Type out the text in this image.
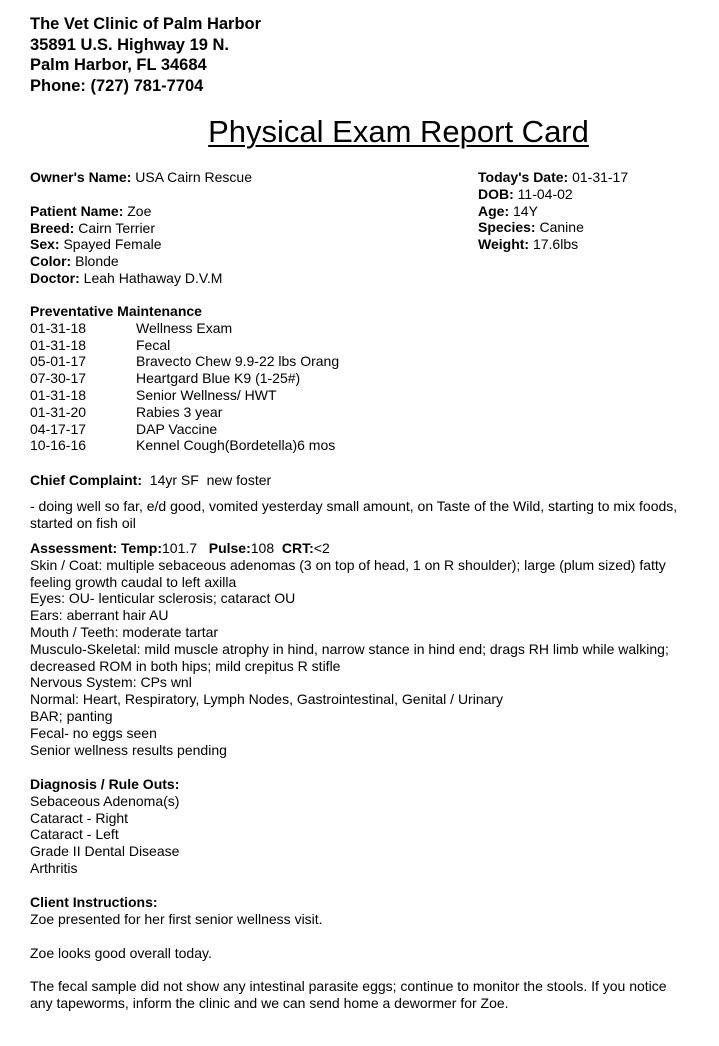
The Vet Clinic of Palm Harbor
35891 U.S. Highway 19 N.
Palm Harbor, FL 34684
Phone: (727) 781-7704
Physical Exam Report Card
Owner's Name: USA Cairn Rescue
Patient Name: Zoe
Breed: Cairn Terrier
Sex: Spayed Female
Color: Blonde
Doctor: Leah Hathaway D.V.M
Today's Date: 01-31-17
DOB: 11-04-02
Age: 14Y
Species: Canine
Weight: 17.6lbs
Preventative Maintenance
01-31-18	Wellness Exam
01-31-18	Fecal
05-01-17	Bravecto Chew 9.9-22 lbs Orang
07-30-17	Heartgard Blue K9 (1-25#)
01-31-18	Senior Wellness/ HWT
01-31-20	Rabies 3 year
04-17-17	DAP Vaccine
10-16-16	Kennel Cough(Bordetella)6 mos
Chief Complaint:  14yr SF  new foster
- doing well so far, e/d good, vomited yesterday small amount, on Taste of the Wild, starting to mix foods, started on fish oil
Assessment: Temp:101.7 Pulse:108 CRT:<2
Skin / Coat: multiple sebaceous adenomas (3 on top of head, 1 on R shoulder); large (plum sized) fatty feeling growth caudal to left axilla
Eyes: OU- lenticular sclerosis; cataract OU
Ears: aberrant hair AU
Mouth / Teeth: moderate tartar
Musculo-Skeletal: mild muscle atrophy in hind, narrow stance in hind end; drags RH limb while walking; decreased ROM in both hips; mild crepitus R stifle
Nervous System: CPs wnl
Normal: Heart, Respiratory, Lymph Nodes, Gastrointestinal, Genital / Urinary
BAR; panting
Fecal- no eggs seen
Senior wellness results pending
Diagnosis / Rule Outs:
Sebaceous Adenoma(s)
Cataract - Right
Cataract - Left
Grade II Dental Disease
Arthritis
Client Instructions:
Zoe presented for her first senior wellness visit.
Zoe looks good overall today.
The fecal sample did not show any intestinal parasite eggs; continue to monitor the stools. If you notice any tapeworms, inform the clinic and we can send home a dewormer for Zoe.
